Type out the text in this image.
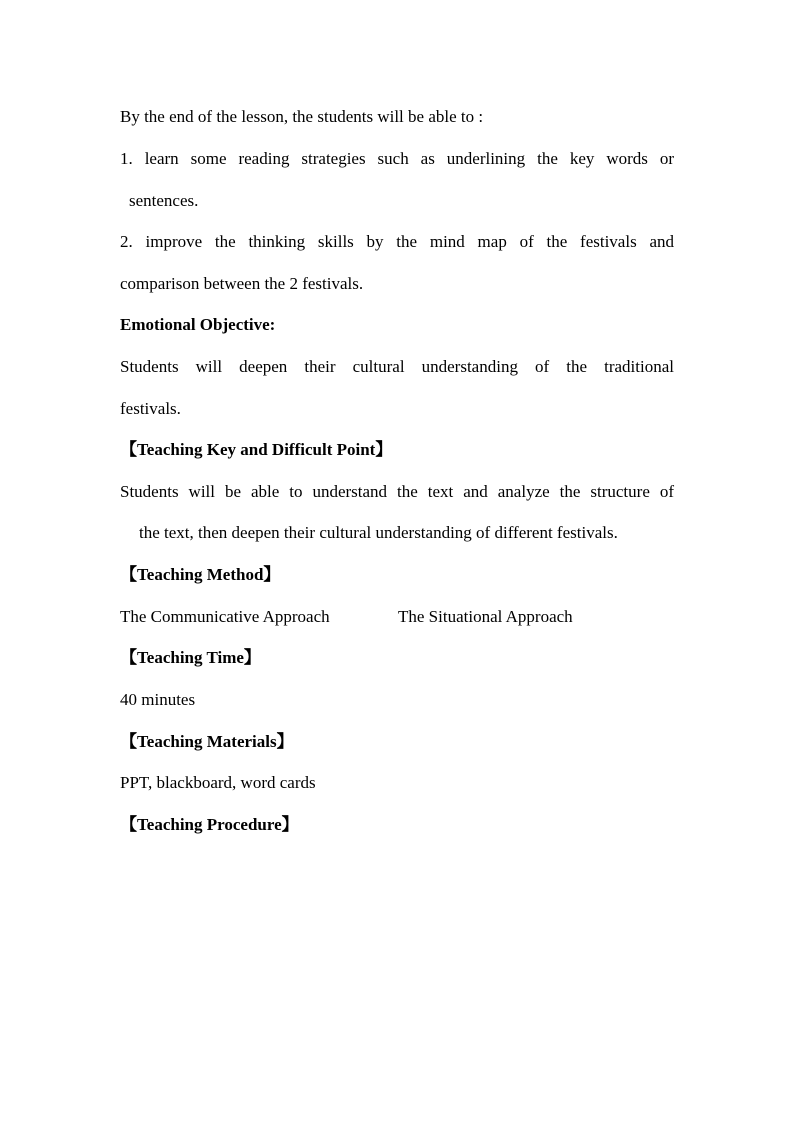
By the end of the lesson, the students will be able to :
1. learn some reading strategies such as underlining the key words or
sentences.
2. improve the thinking skills by the mind map of the festivals and
comparison between the 2 festivals.
Emotional Objective:
Students will deepen their cultural understanding of the traditional
festivals.
【Teaching Key and Difficult Point】
Students will be able to understand the text and analyze the structure of
the text, then deepen their cultural understanding of different festivals.
【Teaching Method】
The Communicative Approach	The Situational Approach
【Teaching Time】
40 minutes
【Teaching Materials】
PPT, blackboard, word cards
【Teaching Procedure】
